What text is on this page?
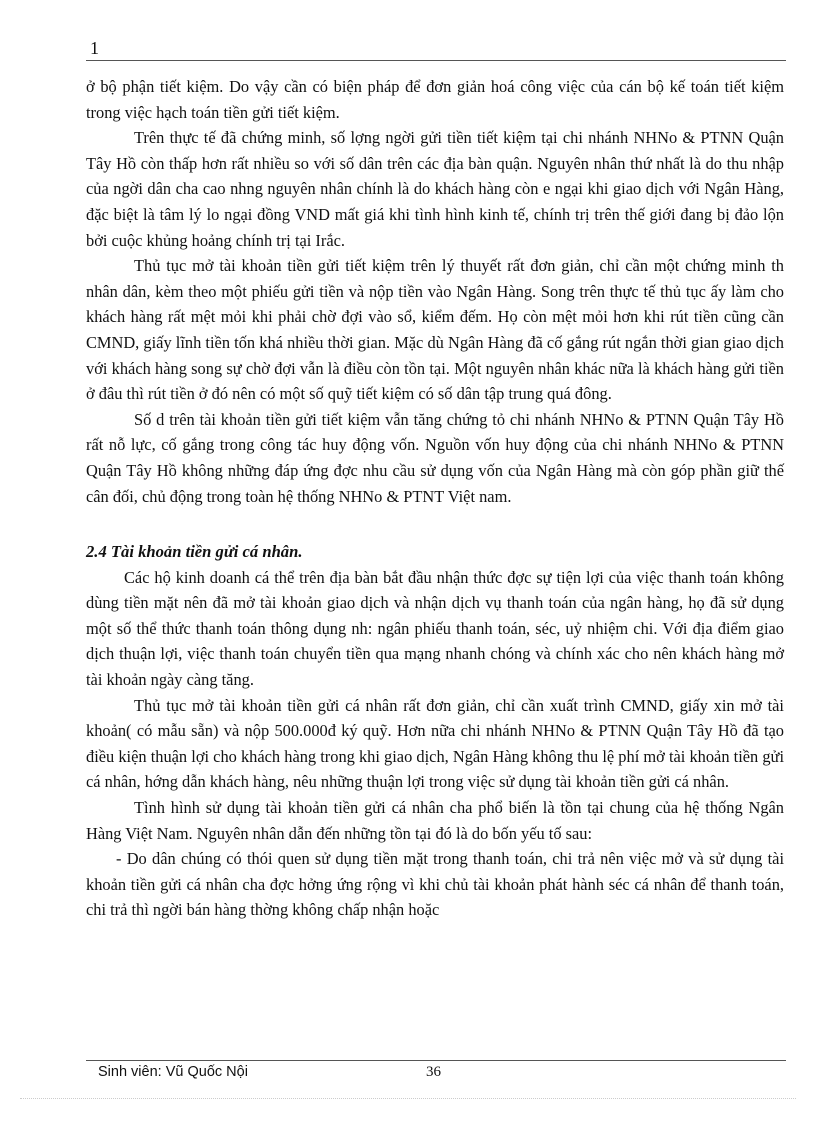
1

ở bộ phận tiết kiệm. Do vậy cần có biện pháp để đơn giản hoá công việc của cán bộ kế toán tiết kiệm trong việc hạch toán tiền gửi tiết kiệm.

Trên thực tế đã chứng minh, số lợng ngời gửi tiền tiết kiệm tại chi nhánh NHNo & PTNN Quận Tây Hồ còn thấp hơn rất nhiều so với số dân trên các địa bàn quận. Nguyên nhân thứ nhất là do thu nhập của ngời dân cha cao nhng nguyên nhân chính là do khách hàng còn e ngại khi giao dịch với Ngân Hàng, đặc biệt là tâm lý lo ngại đồng VND mất giá khi tình hình kinh tế, chính trị trên thế giới đang bị đảo lộn bởi cuộc khủng hoảng chính trị tại Irắc.

Thủ tục mở tài khoản tiền gửi tiết kiệm trên lý thuyết rất đơn giản, chỉ cần một chứng minh th nhân dân, kèm theo một phiếu gửi tiền và nộp tiền vào Ngân Hàng. Song trên thực tế thủ tục ấy làm cho khách hàng rất mệt mỏi khi phải chờ đợi vào sổ, kiểm đếm. Họ còn mệt mỏi hơn khi rút tiền cũng cần CMND, giấy lĩnh tiền tốn khá nhiều thời gian. Mặc dù Ngân Hàng đã cố gắng rút ngắn thời gian giao dịch với khách hàng song sự chờ đợi vẫn là điều còn tồn tại. Một nguyên nhân khác nữa là khách hàng gửi tiền ở đâu thì rút tiền ở đó nên có một số quỹ tiết kiệm có số dân tập trung quá đông.

Số d trên tài khoản tiền gửi tiết kiệm vẫn tăng chứng tỏ chi nhánh NHNo & PTNN Quận Tây Hồ rất nỗ lực, cố gắng trong công tác huy động vốn. Nguồn vốn huy động của chi nhánh NHNo & PTNN Quận Tây Hồ không những đáp ứng đợc nhu cầu sử dụng vốn của Ngân Hàng mà còn góp phần giữ thế cân đối, chủ động trong toàn hệ thống NHNo & PTNT Việt nam.

2.4 Tài khoản tiền gửi cá nhân.

Các hộ kinh doanh cá thể trên địa bàn bắt đầu nhận thức đợc sự tiện lợi của việc thanh toán không dùng tiền mặt nên đã mở tài khoản giao dịch và nhận dịch vụ thanh toán của ngân hàng, họ đã sử dụng một số thể thức thanh toán thông dụng nh: ngân phiếu thanh toán, séc, uỷ nhiệm chi. Với địa điểm giao dịch thuận lợi, việc thanh toán chuyển tiền qua mạng nhanh chóng và chính xác cho nên khách hàng mở tài khoản ngày càng tăng.

Thủ tục mở tài khoản tiền gửi cá nhân rất đơn giản, chỉ cần xuất trình CMND, giấy xin mở tài khoản( có mẫu sẵn) và nộp 500.000đ ký quỹ. Hơn nữa chi nhánh NHNo & PTNN Quận Tây Hồ đã tạo điều kiện thuận lợi cho khách hàng trong khi giao dịch, Ngân Hàng không thu lệ phí mở tài khoản tiền gửi cá nhân, hớng dẫn khách hàng, nêu những thuận lợi trong việc sử dụng tài khoản tiền gửi cá nhân.

Tình hình sử dụng tài khoản tiền gửi cá nhân cha phổ biến là tồn tại chung của hệ thống Ngân Hàng Việt Nam. Nguyên nhân dẫn đến những tồn tại đó là do bốn yếu tố sau:

- Do dân chúng có thói quen sử dụng tiền mặt trong thanh toán, chi trả nên việc mở và sử dụng tài khoản tiền gửi cá nhân cha đợc hởng ứng rộng vì khi chủ tài khoản phát hành séc cá nhân để thanh toán, chi trả thì ngời bán hàng thờng không chấp nhận hoặc

Sinh viên: Vũ Quốc Nội	36
